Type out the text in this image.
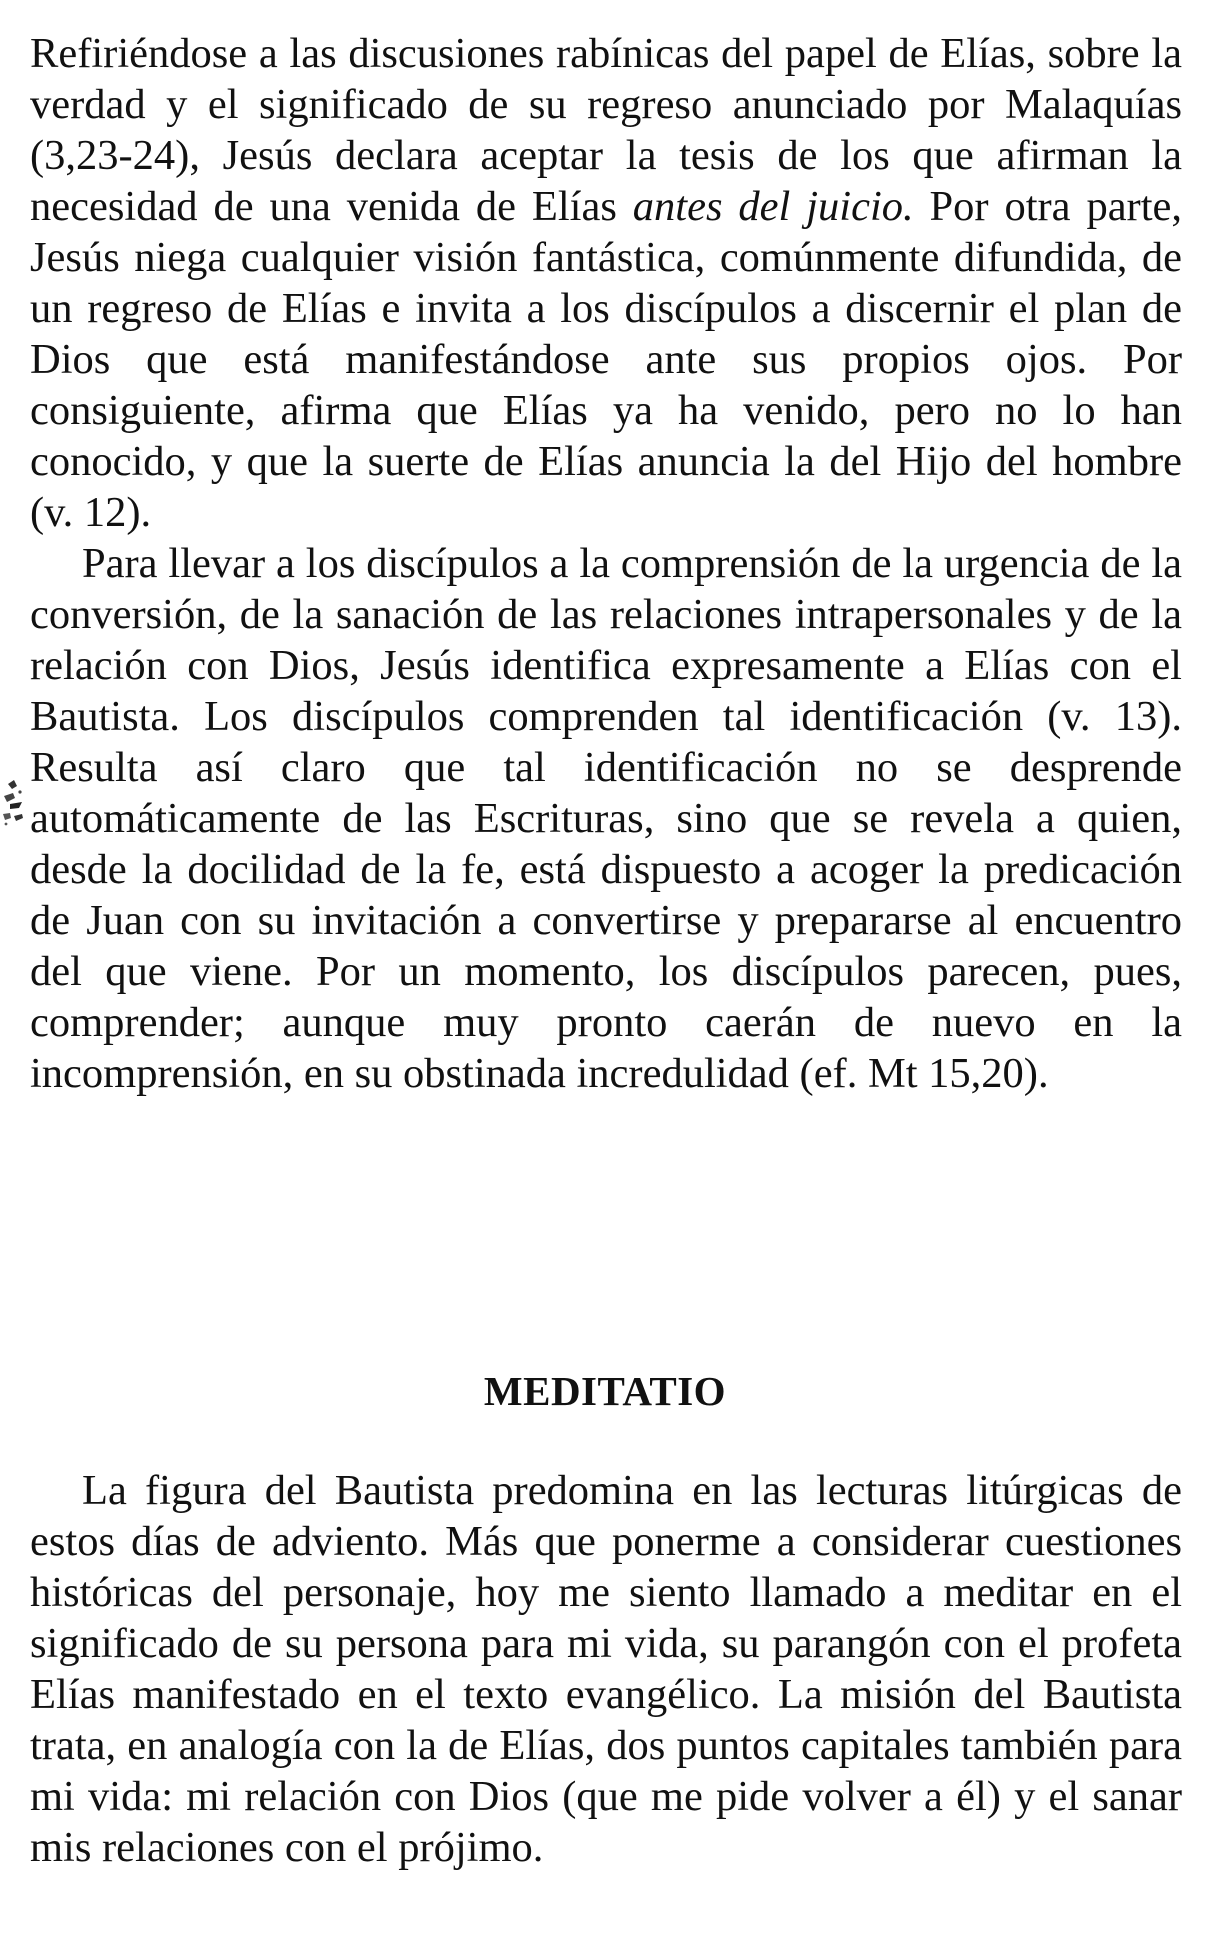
Refiriéndose a las discusiones rabínicas del papel de Elías, sobre la verdad y el significado de su regreso anunciado por Malaquías (3,23-24), Jesús declara aceptar la tesis de los que afirman la necesidad de una venida de Elías antes del juicio. Por otra parte, Jesús niega cualquier visión fantástica, comúnmente difundida, de un regreso de Elías e invita a los discípulos a discernir el plan de Dios que está manifestándose ante sus propios ojos. Por consiguiente, afirma que Elías ya ha venido, pero no lo han conocido, y que la suerte de Elías anuncia la del Hijo del hombre (v. 12).

Para llevar a los discípulos a la comprensión de la urgencia de la conversión, de la sanación de las relaciones intrapersonales y de la relación con Dios, Jesús identifica expresamente a Elías con el Bautista. Los discípulos comprenden tal identificación (v. 13). Resulta así claro que tal identificación no se desprende automáticamente de las Escrituras, sino que se revela a quien, desde la docilidad de la fe, está dispuesto a acoger la predicación de Juan con su invitación a convertirse y prepararse al encuentro del que viene. Por un momento, los discípulos parecen, pues, comprender; aunque muy pronto caerán de nuevo en la incomprensión, en su obstinada incredulidad (ef. Mt 15,20).

MEDITATIO

La figura del Bautista predomina en las lecturas litúrgicas de estos días de adviento. Más que ponerme a considerar cuestiones históricas del personaje, hoy me siento llamado a meditar en el significado de su persona para mi vida, su parangón con el profeta Elías manifestado en el texto evangélico. La misión del Bautista trata, en analogía con la de Elías, dos puntos capitales también para mi vida: mi relación con Dios (que me pide volver a él) y el sanar mis relaciones con el prójimo.
